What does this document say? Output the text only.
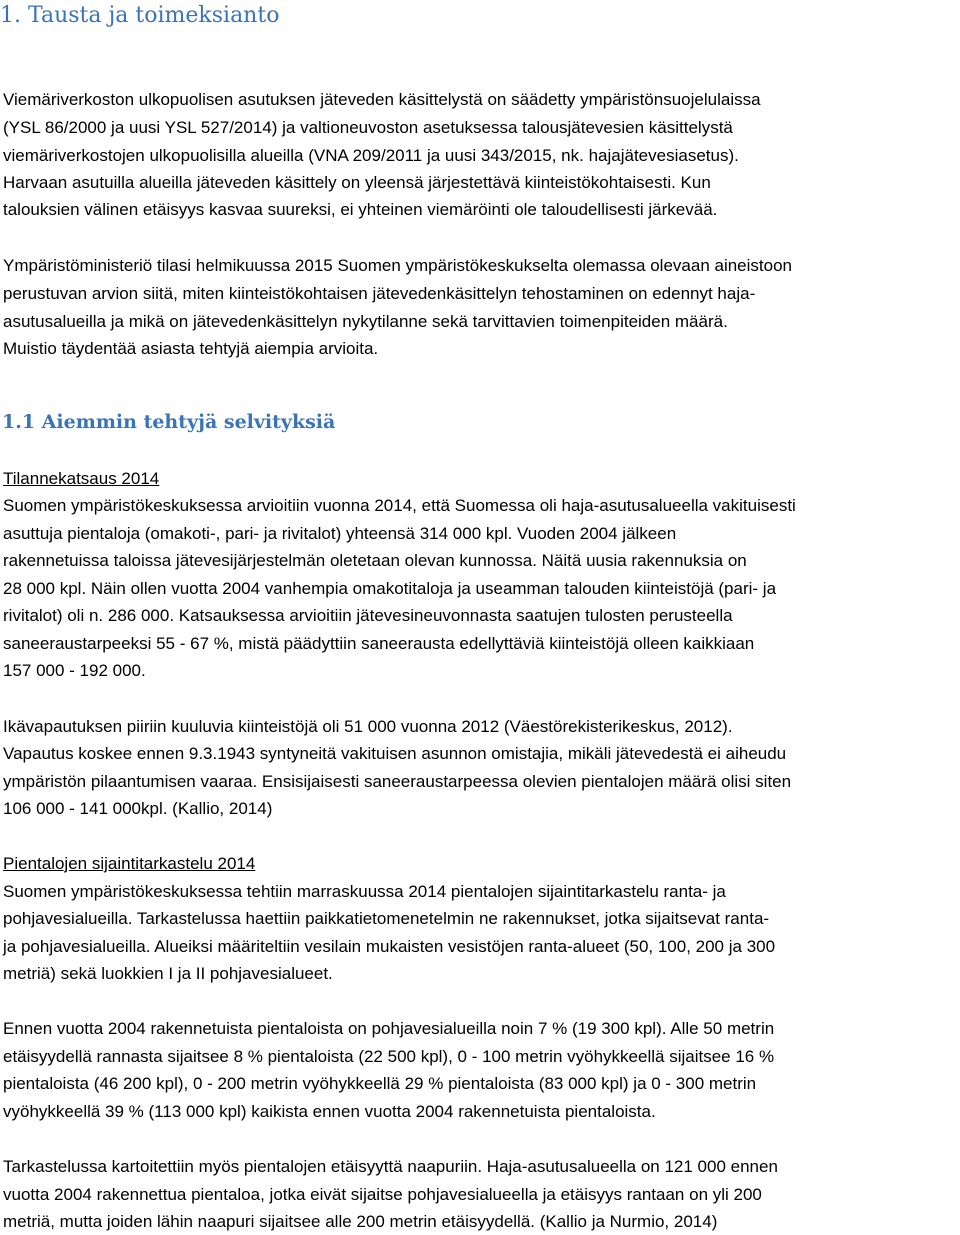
1. Tausta ja toimeksianto

Viemäriverkoston ulkopuolisen asutuksen jäteveden käsittelystä on säädetty ympäristönsuojelulaissa

(YSL 86/2000 ja uusi YSL 527/2014) ja valtioneuvoston asetuksessa talousjätevesien käsittelystä

viemäriverkostojen ulkopuolisilla alueilla (VNA 209/2011 ja uusi 343/2015, nk. hajajätevesiasetus).

Harvaan asutuilla alueilla jäteveden käsittely on yleensä järjestettävä kiinteistökohtaisesti. Kun

talouksien välinen etäisyys kasvaa suureksi, ei yhteinen viemäröinti ole taloudellisesti järkevää.

Ympäristöministeriö tilasi helmikuussa 2015 Suomen ympäristökeskukselta olemassa olevaan aineistoon

perustuvan arvion siitä, miten kiinteistökohtaisen jätevedenkäsittelyn tehostaminen on edennyt haja-

asutusalueilla ja mikä on jätevedenkäsittelyn nykytilanne sekä tarvittavien toimenpiteiden määrä.

Muistio täydentää asiasta tehtyjä aiempia arvioita.

1.1 Aiemmin tehtyjä selvityksiä

Tilannekatsaus 2014

Suomen ympäristökeskuksessa arvioitiin vuonna 2014, että Suomessa oli haja-asutusalueella vakituisesti

asuttuja pientaloja (omakoti-, pari- ja rivitalot) yhteensä 314 000 kpl. Vuoden 2004 jälkeen

rakennetuissa taloissa jätevesijärjestelmän oletetaan olevan kunnossa. Näitä uusia rakennuksia on

28 000 kpl. Näin ollen vuotta 2004 vanhempia omakotitaloja ja useamman talouden kiinteistöjä (pari- ja

rivitalot) oli n. 286 000. Katsauksessa arvioitiin jätevesineuvonnasta saatujen tulosten perusteella

saneeraustarpeeksi 55 - 67 %, mistä päädyttiin saneerausta edellyttäviä kiinteistöjä olleen kaikkiaan

157 000 - 192 000.

Ikävapautuksen piiriin kuuluvia kiinteistöjä oli 51 000 vuonna 2012 (Väestörekisterikeskus, 2012).

Vapautus koskee ennen 9.3.1943 syntyneitä vakituisen asunnon omistajia, mikäli jätevedestä ei aiheudu

ympäristön pilaantumisen vaaraa. Ensisijaisesti saneeraustarpeessa olevien pientalojen määrä olisi siten

106 000 - 141 000kpl. (Kallio, 2014)

Pientalojen sijaintitarkastelu 2014

Suomen ympäristökeskuksessa tehtiin marraskuussa 2014 pientalojen sijaintitarkastelu ranta- ja

pohjavesialueilla. Tarkastelussa haettiin paikkatietomenetelmin ne rakennukset, jotka sijaitsevat ranta-

ja pohjavesialueilla. Alueiksi määriteltiin vesilain mukaisten vesistöjen ranta-alueet (50, 100, 200 ja 300

metriä) sekä luokkien I ja II pohjavesialueet.

Ennen vuotta 2004 rakennetuista pientaloista on pohjavesialueilla noin 7 % (19 300 kpl). Alle 50 metrin

etäisyydellä rannasta sijaitsee 8 % pientaloista (22 500 kpl), 0 - 100 metrin vyöhykkeellä sijaitsee 16 %

pientaloista (46 200 kpl), 0 - 200 metrin vyöhykkeellä 29 % pientaloista (83 000 kpl) ja 0 - 300 metrin

vyöhykkeellä 39 % (113 000 kpl) kaikista ennen vuotta 2004 rakennetuista pientaloista.

Tarkastelussa kartoitettiin myös pientalojen etäisyyttä naapuriin. Haja-asutusalueella on 121 000 ennen

vuotta 2004 rakennettua pientaloa, jotka eivät sijaitse pohjavesialueella ja etäisyys rantaan on yli 200

metriä, mutta joiden lähin naapuri sijaitsee alle 200 metrin etäisyydellä. (Kallio ja Nurmio, 2014)
